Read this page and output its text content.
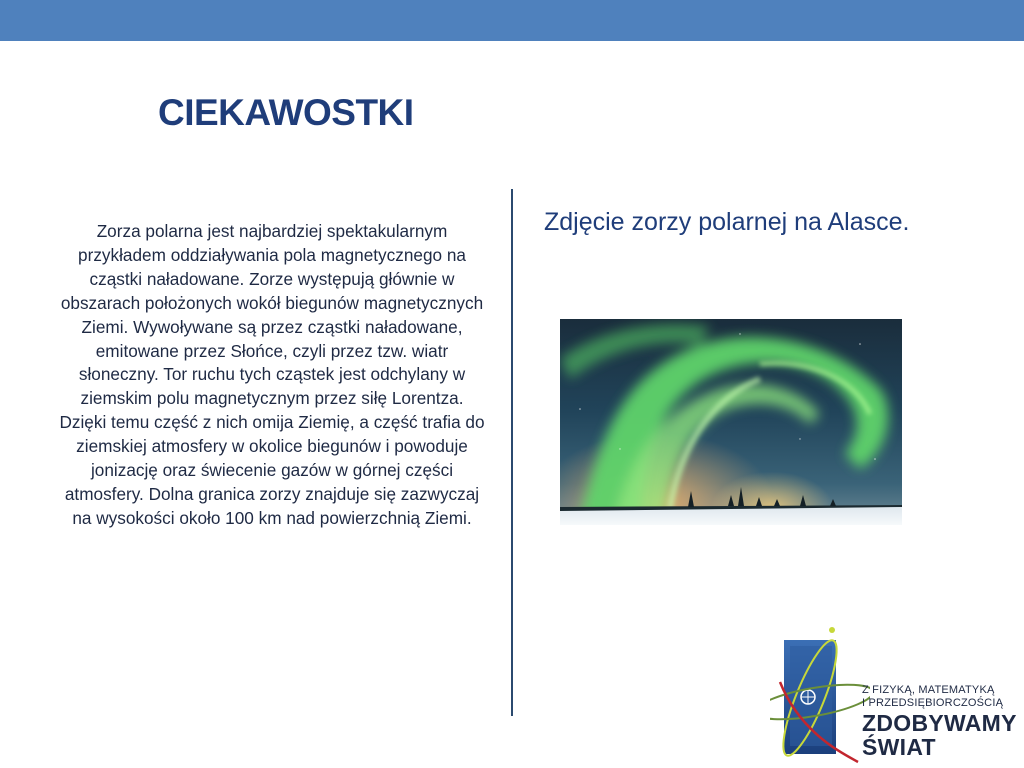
CIEKAWOSTKI
Zorza polarna jest najbardziej spektakularnym przykładem oddziaływania pola magnetycznego na cząstki naładowane. Zorze występują głównie w obszarach położonych wokół biegunów magnetycznych Ziemi. Wywoływane są przez cząstki naładowane, emitowane przez Słońce, czyli przez tzw. wiatr słoneczny. Tor ruchu tych cząstek jest odchylany w ziemskim polu magnetycznym przez siłę Lorentza. Dzięki temu część z nich omija Ziemię, a część trafia do ziemskiej atmosfery w okolice biegunów i powoduje jonizację oraz świecenie gazów w górnej części atmosfery. Dolna granica zorzy znajduje się zazwyczaj na wysokości około 100 km nad powierzchnią Ziemi.
Zdjęcie zorzy polarnej na Alasce.
Z FIZYKĄ, MATEMATYKĄ
I PRZEDSIĘBIORCZOŚCIĄ
ZDOBYWAMY
ŚWIAT
